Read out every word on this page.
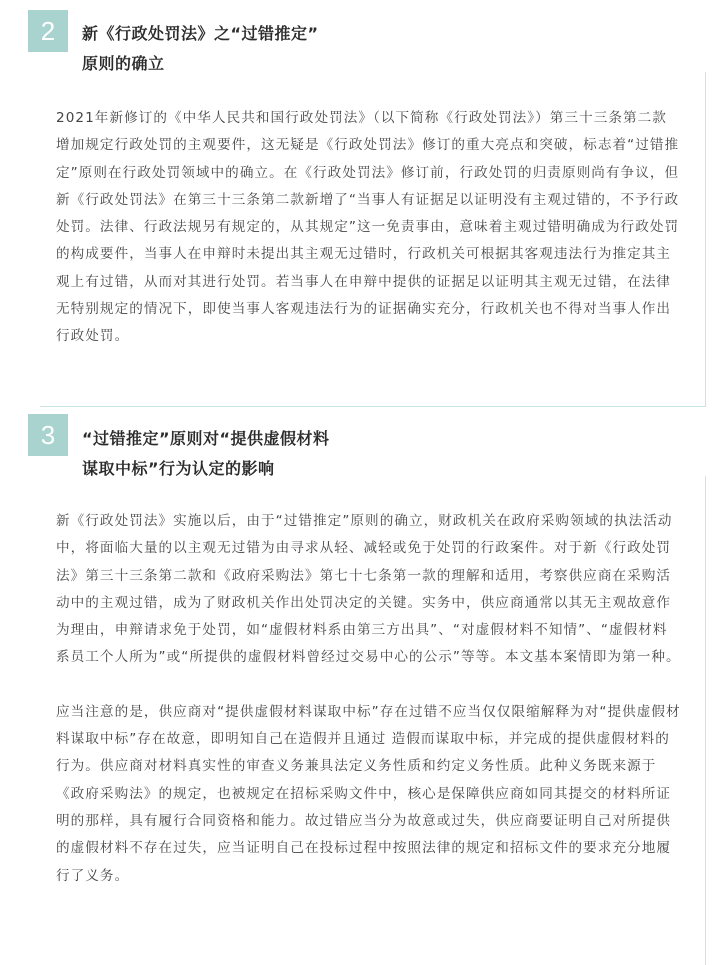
2	新《行政处罚法》之“过错推定”
原则的确立

2021年新修订的《中华人民共和国行政处罚法》（以下简称《行政处罚法》）第三十三条第二款增加规定行政处罚的主观要件，这无疑是《行政处罚法》修订的重大亮点和突破，标志着“过错推定”原则在行政处罚领域中的确立。在《行政处罚法》修订前，行政处罚的归责原则尚有争议，但新《行政处罚法》在第三十三条第二款新增了“当事人有证据足以证明没有主观过错的，不予行政处罚。法律、行政法规另有规定的，从其规定”这一免责事由，意味着主观过错明确成为行政处罚的构成要件，当事人在申辩时未提出其主观无过错时，行政机关可根据其客观违法行为推定其主观上有过错，从而对其进行处罚。若当事人在申辩中提供的证据足以证明其主观无过错，在法律无特别规定的情况下，即使当事人客观违法行为的证据确实充分，行政机关也不得对当事人作出行政处罚。

3	“过错推定”原则对“提供虚假材料
谋取中标”行为认定的影响

新《行政处罚法》实施以后，由于“过错推定”原则的确立，财政机关在政府采购领域的执法活动中，将面临大量的以主观无过错为由寻求从轻、减轻或免于处罚的行政案件。对于新《行政处罚法》第三十三条第二款和《政府采购法》第七十七条第一款的理解和适用，考察供应商在采购活动中的主观过错，成为了财政机关作出处罚决定的关键。实务中，供应商通常以其无主观故意作为理由，申辩请求免于处罚，如“虚假材料系由第三方出具”、“对虚假材料不知情”、“虚假材料系员工个人所为”或“所提供的虚假材料曾经过交易中心的公示”等等。本文基本案情即为第一种。

应当注意的是，供应商对“提供虚假材料谋取中标”存在过错不应当仅仅限缩解释为对“提供虚假材料谋取中标”存在故意，即明知自己在造假并且通过 造假而谋取中标，并完成的提供虚假材料的行为。供应商对材料真实性的审查义务兼具法定义务性质和约定义务性质。此种义务既来源于《政府采购法》的规定，也被规定在招标采购文件中，核心是保障供应商如同其提交的材料所证明的那样，具有履行合同资格和能力。故过错应当分为故意或过失，供应商要证明自己对所提供的虚假材料不存在过失，应当证明自己在投标过程中按照法律的规定和招标文件的要求充分地履行了义务。
